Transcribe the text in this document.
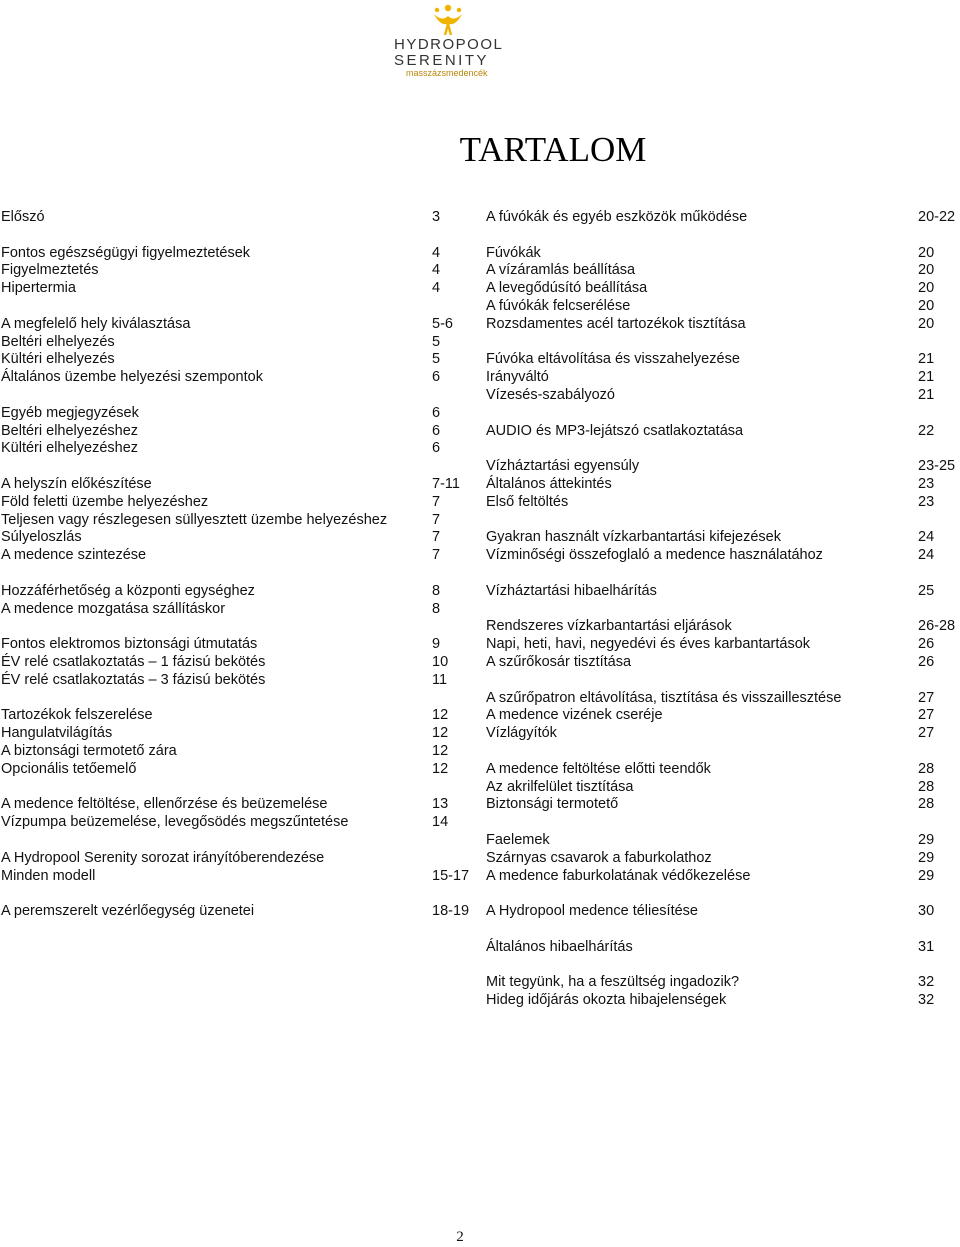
HYDROPOOL
SERENITY
masszázsmedencék
TARTALOM
Előszó	3
Fontos egészségügyi figyelmeztetések	4
Figyelmeztetés	4
Hipertermia	4
A megfelelő hely kiválasztása	5-6
Beltéri elhelyezés	5
Kültéri elhelyezés	5
Általános üzembe helyezési szempontok	6
Egyéb megjegyzések	6
Beltéri elhelyezéshez	6
Kültéri elhelyezéshez	6
A helyszín előkészítése	7-11
Föld feletti üzembe helyezéshez	7
Teljesen vagy részlegesen süllyesztett üzembe helyezéshez	7
Súlyeloszlás	7
A medence szintezése	7
Hozzáférhetőség a központi egységhez	8
A medence mozgatása szállításkor	8
Fontos elektromos biztonsági útmutatás	9
ÉV relé csatlakoztatás – 1 fázisú bekötés	10
ÉV relé csatlakoztatás – 3 fázisú bekötés	11
Tartozékok felszerelése	12
Hangulatvilágítás	12
A biztonsági termotető zára	12
Opcionális tetőemelő	12
A medence feltöltése, ellenőrzése és beüzemelése	13
Vízpumpa beüzemelése, levegősödés megszűntetése	14
A Hydropool Serenity sorozat irányítóberendezése
Minden modell	15-17
A peremszerelt vezérlőegység üzenetei	18-19
A fúvókák és egyéb eszközök működése	20-22
Fúvókák	20
A vízáramlás beállítása	20
A levegődúsító beállítása	20
A fúvókák felcserélése	20
Rozsdamentes acél tartozékok tisztítása	20
Fúvóka eltávolítása és visszahelyezése	21
Irányváltó	21
Vízesés-szabályozó	21
AUDIO és MP3-lejátszó csatlakoztatása	22
Vízháztartási egyensúly	23-25
Általános áttekintés	23
Első feltöltés	23
Gyakran használt vízkarbantartási kifejezések	24
Vízminőségi összefoglaló a medence használatához	24
Vízháztartási hibaelhárítás	25
Rendszeres vízkarbantartási eljárások	26-28
Napi, heti, havi, negyedévi és éves karbantartások	26
A szűrőkosár tisztítása	26
A szűrőpatron eltávolítása, tisztítása és visszaillesztése	27
A medence vizének cseréje	27
Vízlágyítók	27
A medence feltöltése előtti teendők	28
Az akrilfelület tisztítása	28
Biztonsági termotető	28
Faelemek	29
Szárnyas csavarok a faburkolathoz	29
A medence faburkolatának védőkezelése	29
A Hydropool medence téliesítése	30
Általános hibaelhárítás	31
Mit tegyünk, ha a feszültség ingadozik?	32
Hideg időjárás okozta hibajelenségek	32
2
